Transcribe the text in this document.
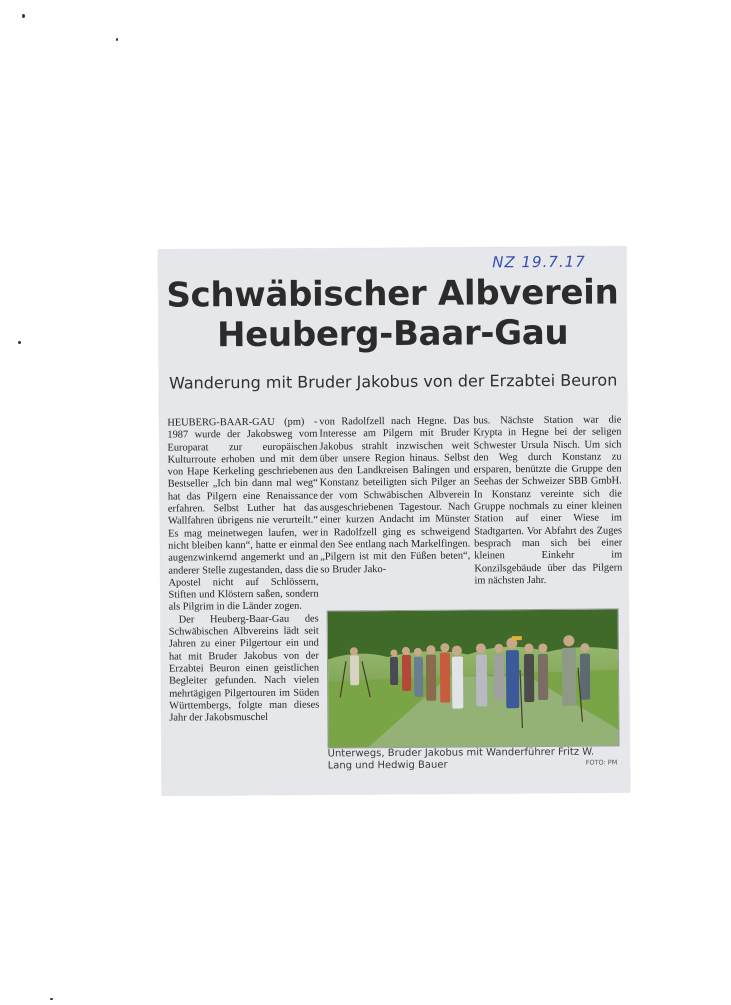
NZ 19.7.17
Schwäbischer Albverein
Heuberg-Baar-Gau
Wanderung mit Bruder Jakobus von der Erzabtei Beuron

HEUBERG-BAAR-GAU (pm) - 1987 wurde der Jakobsweg vom Europarat zur europäischen Kulturroute erhoben und mit dem von Hape Kerkeling geschriebenen Bestseller „Ich bin dann mal weg“ hat das Pilgern eine Renaissance erfahren. Selbst Luther hat das Wallfahren übrigens nie verurteilt.“ Es mag meinetwegen laufen, wer nicht bleiben kann“, hatte er einmal augenzwinkernd angemerkt und an anderer Stelle zugestanden, dass die Apostel nicht auf Schlössern, Stiften und Klöstern saßen, sondern als Pilgrim in die Länder zogen.

Der Heuberg-Baar-Gau des Schwäbischen Albvereins lädt seit Jahren zu einer Pilgertour ein und hat mit Bruder Jakobus von der Erzabtei Beuron einen geistlichen Begleiter gefunden. Nach vielen mehrtägigen Pilgertouren im Süden Württembergs, folgte man dieses Jahr der Jakobsmuschel

von Radolfzell nach Hegne. Das Interesse am Pilgern mit Bruder Jakobus strahlt inzwischen weit über unsere Region hinaus. Selbst aus den Landkreisen Balingen und Konstanz beteiligten sich Pilger an der vom Schwäbischen Albverein ausgeschriebenen Tagestour. Nach einer kurzen Andacht im Münster in Radolfzell ging es schweigend den See entlang nach Markelfingen. „Pilgern ist mit den Füßen beten“, so Bruder Jako-

bus. Nächste Station war die Krypta in Hegne bei der seligen Schwester Ursula Nisch. Um sich den Weg durch Konstanz zu ersparen, benützte die Gruppe den Seehas der Schweizer SBB GmbH. In Konstanz vereinte sich die Gruppe nochmals zu einer kleinen Station auf einer Wiese im Stadtgarten. Vor Abfahrt des Zuges besprach man sich bei einer kleinen Einkehr im Konzilsgebäude über das Pilgern im nächsten Jahr.

Unterwegs, Bruder Jakobus mit Wanderführer Fritz W. Lang und Hedwig Bauer	FOTO: PM
